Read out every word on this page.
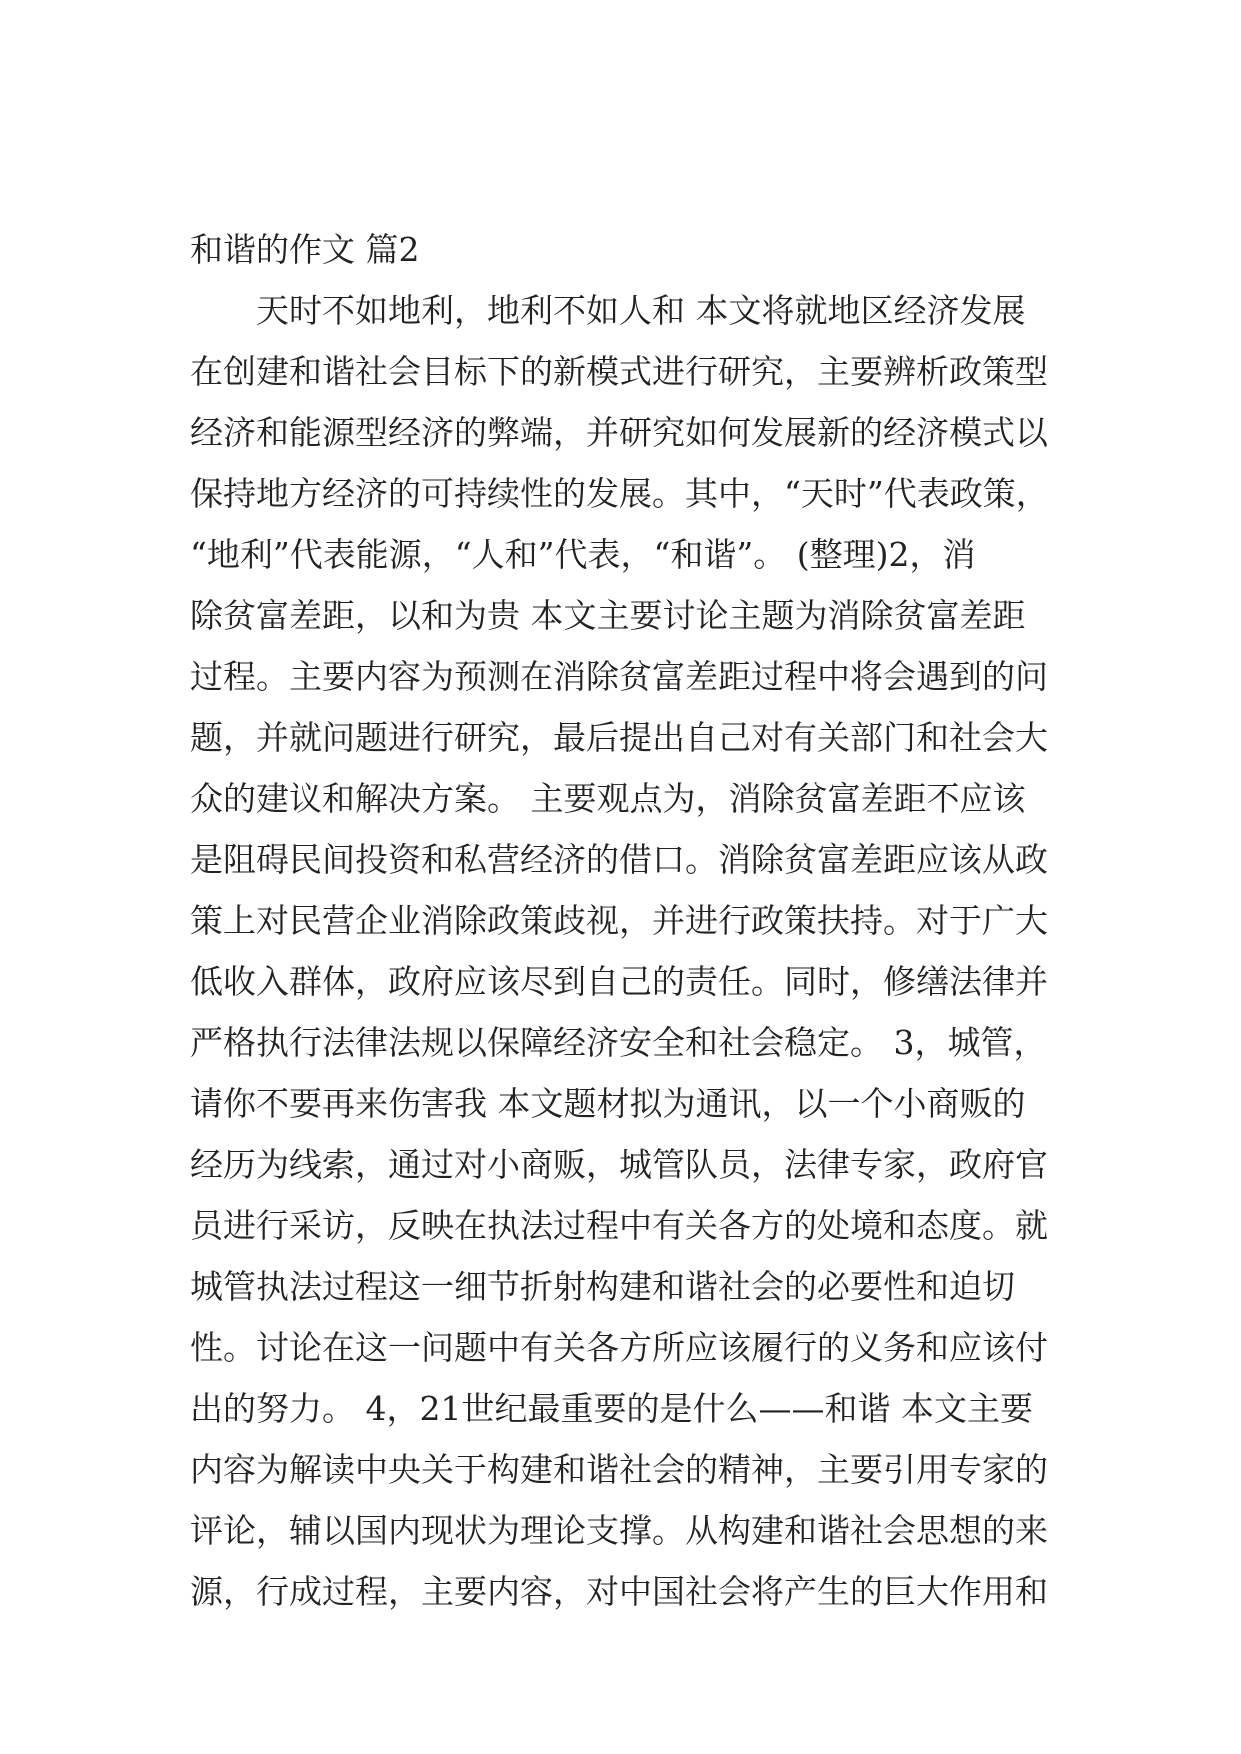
和谐的作文 篇2
天时不如地利，地利不如人和 本文将就地区经济发展
在创建和谐社会目标下的新模式进行研究，主要辨析政策型
经济和能源型经济的弊端，并研究如何发展新的经济模式以
保持地方经济的可持续性的发展。其中，“天时”代表政策，
“地利”代表能源，“人和”代表，“和谐”。 (整理)2，消
除贫富差距，以和为贵 本文主要讨论主题为消除贫富差距
过程。主要内容为预测在消除贫富差距过程中将会遇到的问
题，并就问题进行研究，最后提出自己对有关部门和社会大
众的建议和解决方案。 主要观点为，消除贫富差距不应该
是阻碍民间投资和私营经济的借口。消除贫富差距应该从政
策上对民营企业消除政策歧视，并进行政策扶持。对于广大
低收入群体，政府应该尽到自己的责任。同时，修缮法律并
严格执行法律法规以保障经济安全和社会稳定。 3，城管，
请你不要再来伤害我 本文题材拟为通讯，以一个小商贩的
经历为线索，通过对小商贩，城管队员，法律专家，政府官
员进行采访，反映在执法过程中有关各方的处境和态度。就
城管执法过程这一细节折射构建和谐社会的必要性和迫切
性。讨论在这一问题中有关各方所应该履行的义务和应该付
出的努力。 4，21世纪最重要的是什么——和谐 本文主要
内容为解读中央关于构建和谐社会的精神，主要引用专家的
评论，辅以国内现状为理论支撑。从构建和谐社会思想的来
源，行成过程，主要内容，对中国社会将产生的巨大作用和
